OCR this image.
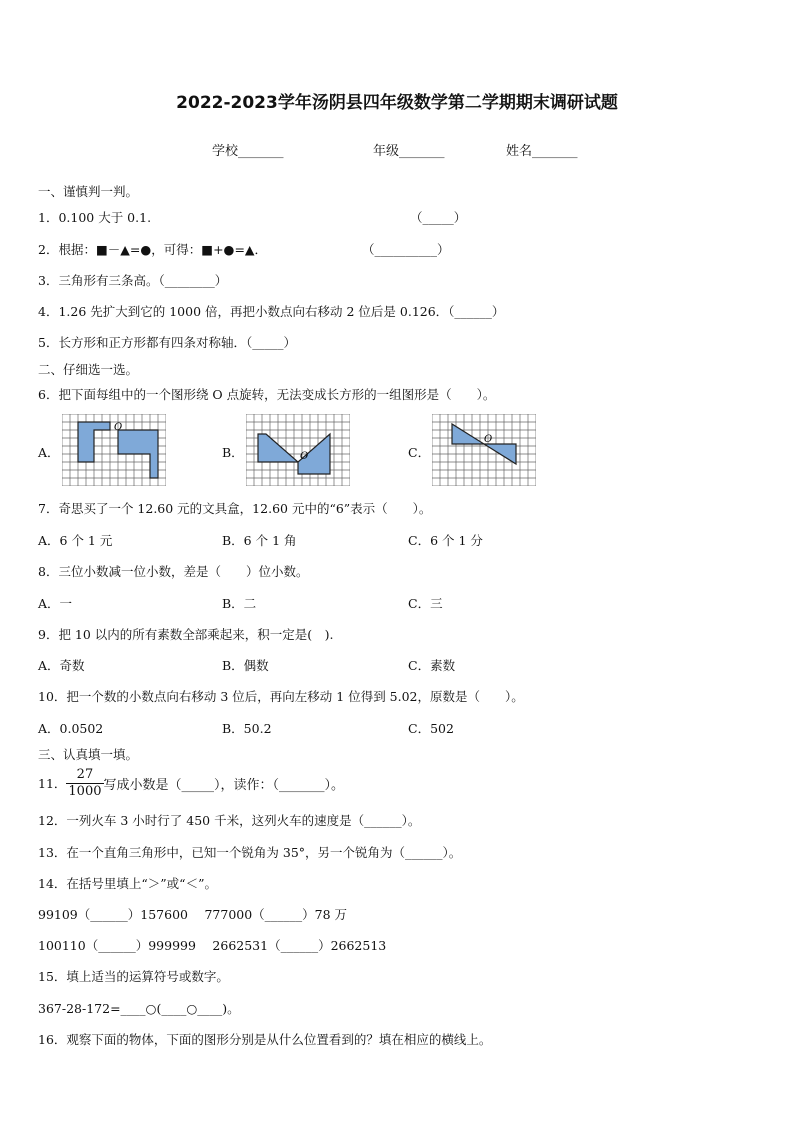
2022-2023学年汤阴县四年级数学第二学期期末调研试题
学校_______	年级_______	姓名_______
一、谨慎判一判。
1．0.100 大于 0.1.	（_____）
2．根据：■－▲=●，可得：■+●=▲．	（__________）
3．三角形有三条高。（________）
4．1.26 先扩大到它的 1000 倍，再把小数点向右移动 2 位后是 0.126．（______）
5．长方形和正方形都有四条对称轴．（_____）
二、仔细选一选。
6．把下面每组中的一个图形绕 O 点旋转，无法变成长方形的一组图形是（　　）。
A．
O
B．	O	C．
O
7．奇思买了一个 12.60 元的文具盒，12.60 元中的“6”表示（　　）。
A．6 个 1 元	B．6 个 1 角	C．6 个 1 分
8．三位小数减一位小数，差是（　　）位小数。
A．一	B．二	C．三
9．把 10 以内的所有素数全部乘起来，积一定是(　).
A．奇数	B．偶数	C．素数
10．把一个数的小数点向右移动 3 位后，再向左移动 1 位得到 5.02，原数是（　　）。
A．0.0502	B．50.2	C．502
三、认真填一填。
11． $\frac{27}{1000}$ 写成小数是（_____），读作：（_______）。
12．一列火车 3 小时行了 450 千米，这列火车的速度是（______）。
13．在一个直角三角形中，已知一个锐角为 35°，另一个锐角为（______）。
14．在括号里填上“＞”或“＜”。
99109（______）157600　 777000（______）78 万
100110（______）999999　 2662531（______）2662513
15．填上适当的运算符号或数字。
367-28-172=____○(____○____)。
16．观察下面的物体，下面的图形分别是从什么位置看到的？填在相应的横线上。
